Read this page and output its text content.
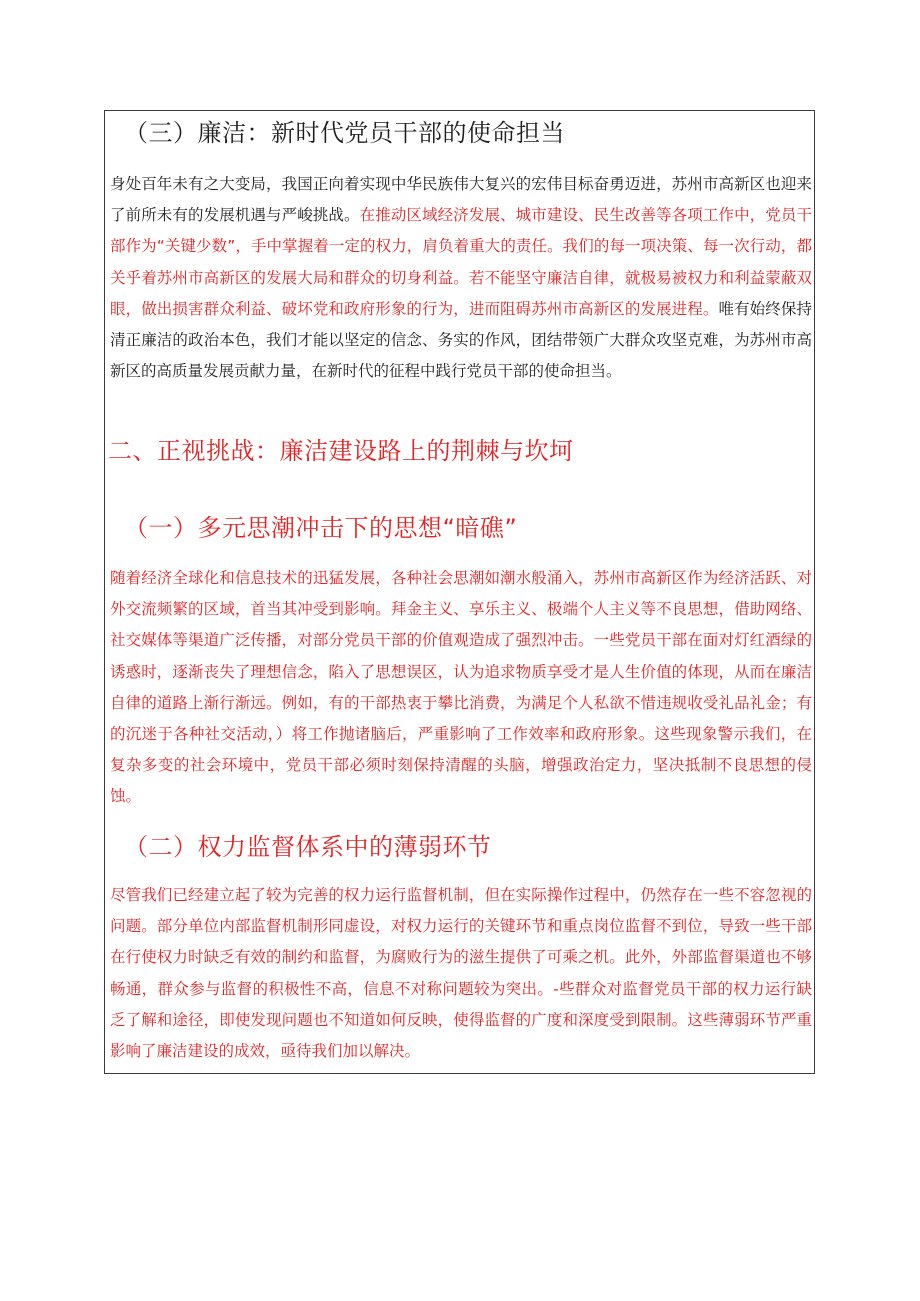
（三）廉洁：新时代党员干部的使命担当

身处百年未有之大变局，我国正向着实现中华民族伟大复兴的宏伟目标奋勇迈进，苏州市高新区也迎来了前所未有的发展机遇与严峻挑战。在推动区域经济发展、城市建设、民生改善等各项工作中，党员干部作为“关键少数”，手中掌握着一定的权力，肩负着重大的责任。我们的每一项决策、每一次行动，都关乎着苏州市高新区的发展大局和群众的切身利益。若不能坚守廉洁自律，就极易被权力和利益蒙蔽双眼，做出损害群众利益、破坏党和政府形象的行为，进而阻碍苏州市高新区的发展进程。唯有始终保持清正廉洁的政治本色，我们才能以坚定的信念、务实的作风，团结带领广大群众攻坚克难，为苏州市高新区的高质量发展贡献力量，在新时代的征程中践行党员干部的使命担当。

二、正视挑战：廉洁建设路上的荆棘与坎坷
（一）多元思潮冲击下的思想“暗礁”

随着经济全球化和信息技术的迅猛发展，各种社会思潮如潮水般涌入，苏州市高新区作为经济活跃、对外交流频繁的区域，首当其冲受到影响。拜金主义、享乐主义、极端个人主义等不良思想，借助网络、社交媒体等渠道广泛传播，对部分党员干部的价值观造成了强烈冲击。一些党员干部在面对灯红酒绿的诱惑时，逐渐丧失了理想信念，陷入了思想误区，认为追求物质享受才是人生价值的体现，从而在廉洁自律的道路上渐行渐远。例如，有的干部热衷于攀比消费，为满足个人私欲不惜违规收受礼品礼金；有的沉迷于各种社交活动，）将工作抛诸脑后，严重影响了工作效率和政府形象。这些现象警示我们，在复杂多变的社会环境中，党员干部必须时刻保持清醒的头脑，增强政治定力，坚决抵制不良思想的侵蚀。

（二）权力监督体系中的薄弱环节

尽管我们已经建立起了较为完善的权力运行监督机制，但在实际操作过程中，仍然存在一些不容忽视的问题。部分单位内部监督机制形同虚设，对权力运行的关键环节和重点岗位监督不到位，导致一些干部在行使权力时缺乏有效的制约和监督，为腐败行为的滋生提供了可乘之机。此外，外部监督渠道也不够畅通，群众参与监督的积极性不高，信息不对称问题较为突出。-些群众对监督党员干部的权力运行缺乏了解和途径，即使发现问题也不知道如何反映，使得监督的广度和深度受到限制。这些薄弱环节严重影响了廉洁建设的成效，亟待我们加以解决。
